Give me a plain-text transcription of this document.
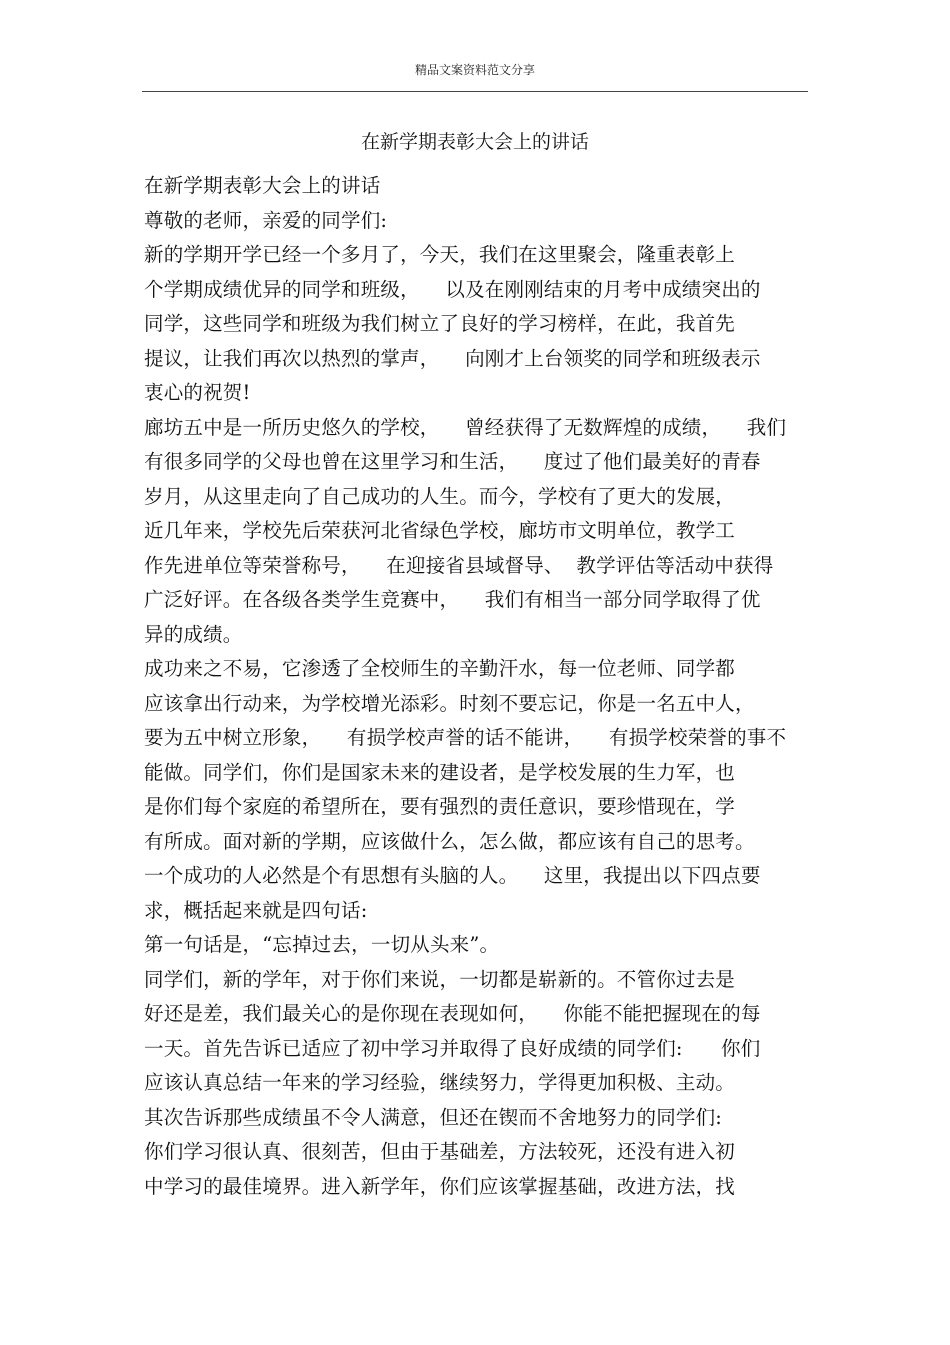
精品文案资料范文分享
在新学期表彰大会上的讲话
在新学期表彰大会上的讲话
尊敬的老师，亲爱的同学们:
新的学期开学已经一个多月了，今天，我们在这里聚会，隆重表彰上
个学期成绩优异的同学和班级，    以及在刚刚结束的月考中成绩突出的
同学，这些同学和班级为我们树立了良好的学习榜样，在此，我首先
提议，让我们再次以热烈的掌声，    向刚才上台领奖的同学和班级表示
衷心的祝贺!
廊坊五中是一所历史悠久的学校，    曾经获得了无数辉煌的成绩，    我们
有很多同学的父母也曾在这里学习和生活，    度过了他们最美好的青春
岁月，从这里走向了自己成功的人生。而今，学校有了更大的发展，
近几年来，学校先后荣获河北省绿色学校，廊坊市文明单位，教学工
作先进单位等荣誉称号，    在迎接省县域督导、  教学评估等活动中获得
广泛好评。在各级各类学生竞赛中，    我们有相当一部分同学取得了优
异的成绩。
成功来之不易，它渗透了全校师生的辛勤汗水，每一位老师、同学都
应该拿出行动来，为学校增光添彩。时刻不要忘记，你是一名五中人，
要为五中树立形象，    有损学校声誉的话不能讲，    有损学校荣誉的事不
能做。同学们，你们是国家未来的建设者，是学校发展的生力军，也
是你们每个家庭的希望所在，要有强烈的责任意识，要珍惜现在，学
有所成。面对新的学期，应该做什么，怎么做，都应该有自己的思考。
一个成功的人必然是个有思想有头脑的人。    这里，我提出以下四点要
求，概括起来就是四句话:
第一句话是，“忘掉过去，一切从头来”。
同学们，新的学年，对于你们来说，一切都是崭新的。不管你过去是
好还是差，我们最关心的是你现在表现如何，    你能不能把握现在的每
一天。首先告诉已适应了初中学习并取得了良好成绩的同学们:      你们
应该认真总结一年来的学习经验，继续努力，学得更加积极、主动。
其次告诉那些成绩虽不令人满意，但还在锲而不舍地努力的同学们:
你们学习很认真、很刻苦，但由于基础差，方法较死，还没有进入初
中学习的最佳境界。进入新学年，你们应该掌握基础，改进方法，找
